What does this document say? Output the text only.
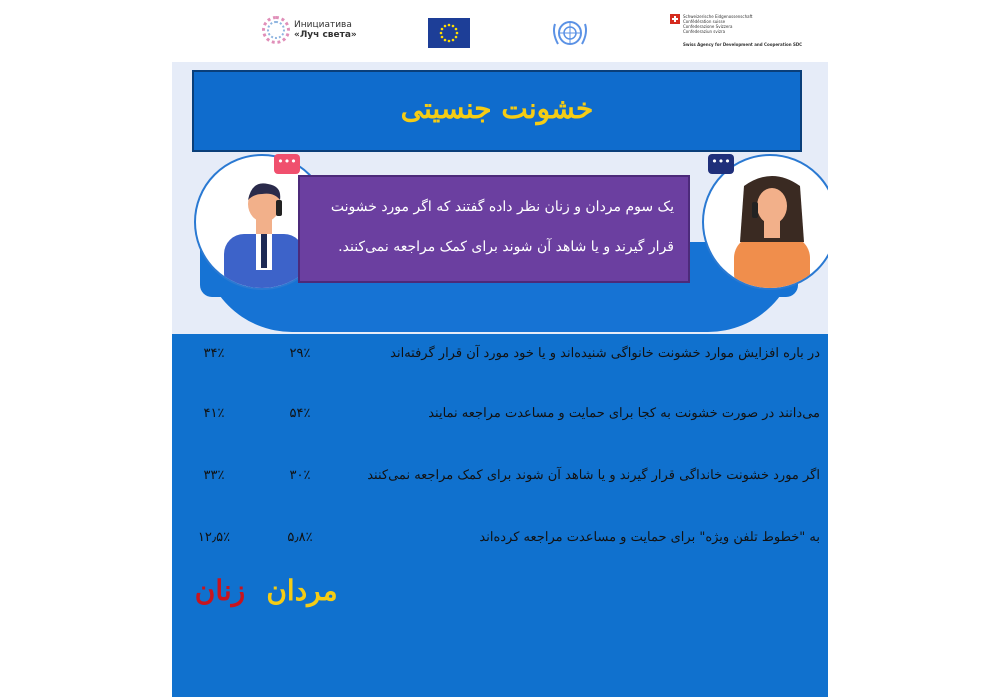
Инициатива
«Луч света»
Schweizerische Eidgenossenschaft
Confédération suisse
Confederazione Svizzera
Confederaziun svizra
Swiss Agency for Development and Cooperation SDC
خشونت جنسیتی
•••	•••
یک سوم مردان و زنان نظر داده گفتند که اگر مورد خشونت قرار گیرند و یا شاهد آن شوند برای کمک مراجعه نمی‌کنند.
در باره افزایش موارد خشونت خانواگی شنیده‌اند و یا خود مورد آن قرار گرفته‌اند
۲۹٪
۳۴٪
می‌دانند در صورت خشونت به کجا برای حمایت و مساعدت مراجعه نمایند
۵۴٪
۴۱٪
اگر مورد خشونت خانداگی قرار گیرند و یا شاهد آن شوند برای کمک مراجعه نمی‌کنند
۳۰٪
۳۳٪
به "خطوط تلفن ویژه" برای حمایت و مساعدت مراجعه کرده‌اند
۵٫۸٪
۱۲٫۵٪
مردان
زنان
